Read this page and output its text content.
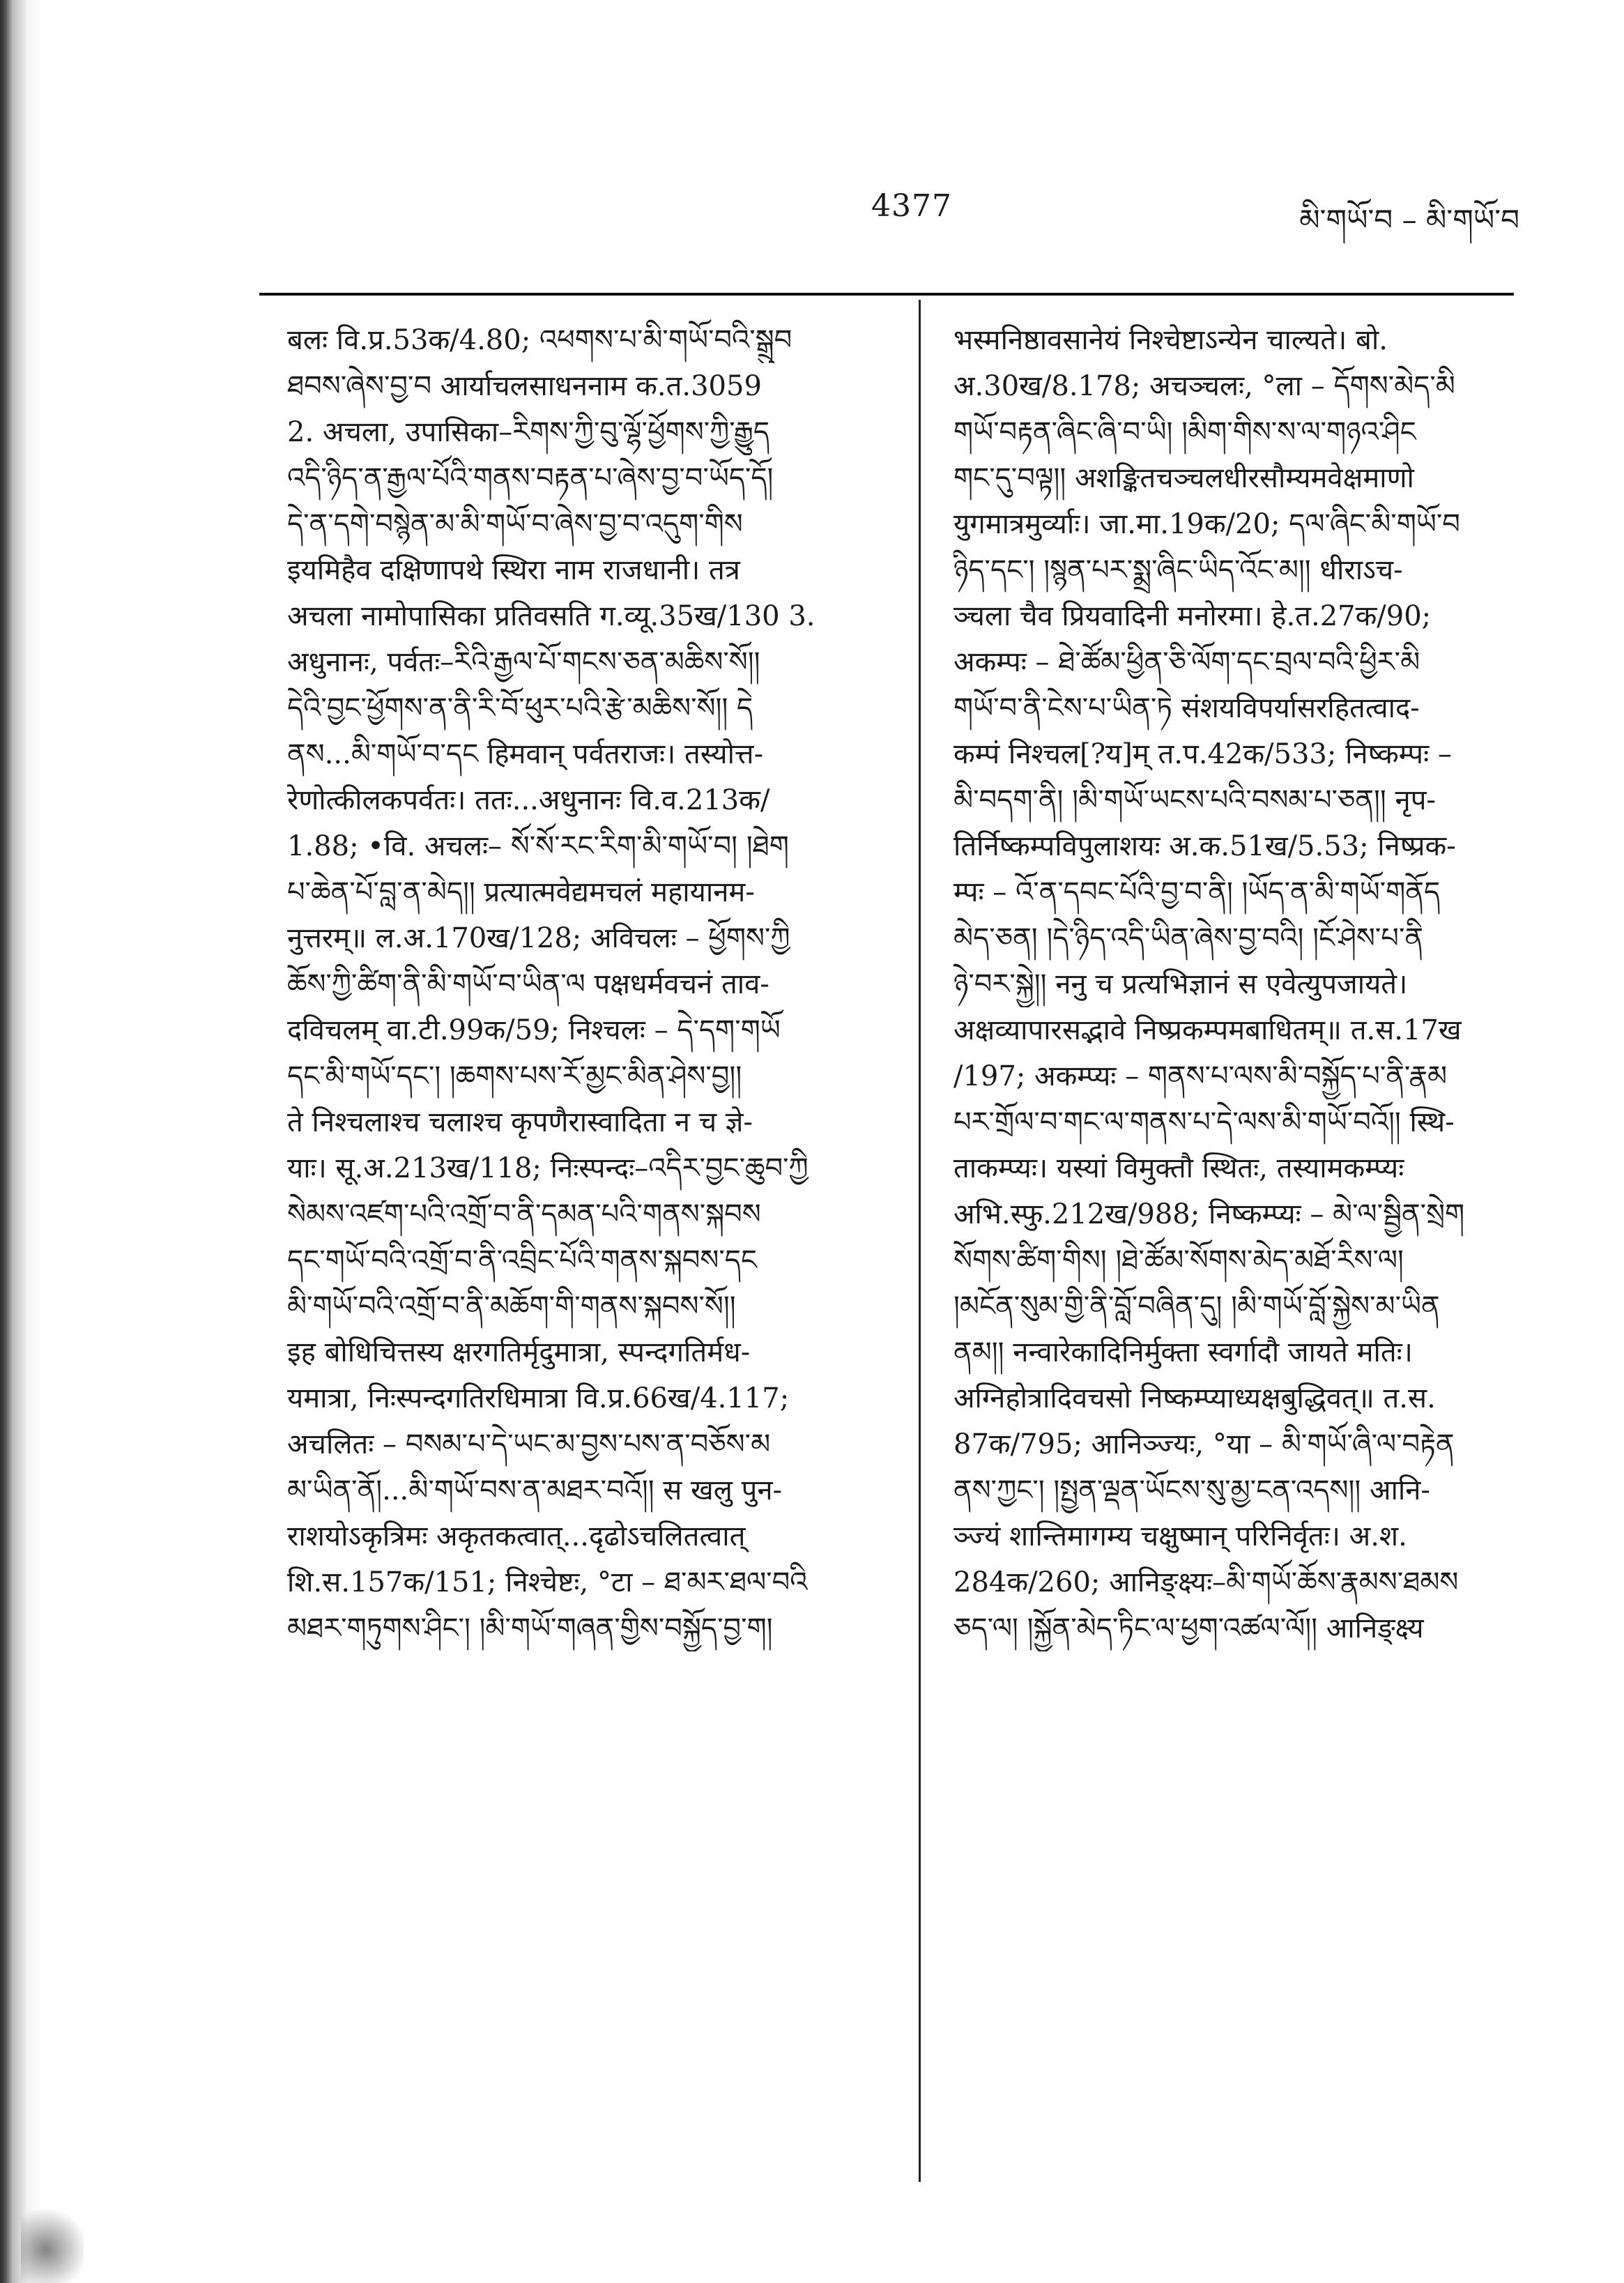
4377	མི་གཡོ་བ – མི་གཡོ་བ
बलः वि.प्र.53क/4.80; འཕགས་པ་མི་གཡོ་བའི་སྒྲུབ
ཐབས་ཞེས་བྱ་བ आर्याचलसाधननाम क.त.3059
2. अचला, उपासिका–རིགས་ཀྱི་བུ་ལྷོ་ཕྱོགས་ཀྱི་རྒྱུད
འདི་ཉིད་ན་རྒྱལ་པོའི་གནས་བརྟན་པ་ཞེས་བྱ་བ་ཡོད་དོ།
དེ་ན་དགེ་བསྙེན་མ་མི་གཡོ་བ་ཞེས་བྱ་བ་འདུག་གིས
इयमिहैव दक्षिणापथे स्थिरा नाम राजधानी। तत्र
अचला नामोपासिका प्रतिवसति ग.व्यू.35ख/130 3.
अधुनानः, पर्वतः–རིའི་རྒྱལ་པོ་གངས་ཅན་མཆིས་སོ།།
དེའི་བྱང་ཕྱོགས་ན་ནི་རི་བོ་ཕུར་པའི་རྩེ་མཆིས་སོ།། དེ
ནས...མི་གཡོ་བ་དང हिमवान् पर्वतराजः। तस्योत्त-
रेणोत्कीलकपर्वतः। ततः...अधुनानः वि.व.213क/
1.88; •वि. अचलः– སོ་སོ་རང་རིག་མི་གཡོ་བ། །ཐེག
པ་ཆེན་པོ་བླ་ན་མེད།། प्रत्यात्मवेद्यमचलं महायानम-
नुत्तरम्॥ ल.अ.170ख/128; अविचलः – ཕྱོགས་ཀྱི
ཆོས་ཀྱི་ཚིག་ནི་མི་གཡོ་བ་ཡིན་ལ पक्षधर्मवचनं ताव-
दविचलम् वा.टी.99क/59; निश्चलः – དེ་དག་གཡོ
དང་མི་གཡོ་དང་། །ཆགས་པས་རོ་མྱང་མིན་ཤེས་བྱ།།
ते निश्चलाश्च चलाश्च कृपणैरास्वादिता न च ज्ञे-
याः। सू.अ.213ख/118; निःस्पन्दः–འདིར་བྱང་ཆུབ་ཀྱི
སེམས་འཛག་པའི་འགྲོ་བ་ནི་དམན་པའི་གནས་སྐབས
དང་གཡོ་བའི་འགྲོ་བ་ནི་འབྲིང་པོའི་གནས་སྐབས་དང
མི་གཡོ་བའི་འགྲོ་བ་ནི་མཆོག་གི་གནས་སྐབས་སོ།།
इह बोधिचित्तस्य क्षरगतिर्मृदुमात्रा, स्पन्दगतिर्मध-
यमात्रा, निःस्पन्दगतिरधिमात्रा वि.प्र.66ख/4.117;
अचलितः – བསམ་པ་དེ་ཡང་མ་བྱས་པས་ན་བཅོས་མ
མ་ཡིན་ནོ།...མི་གཡོ་བས་ན་མཐར་བའོ།། स खलु पुन-
राशयोऽकृत्रिमः अकृतकत्वात्...दृढोऽचलितत्वात्
शि.स.157क/151; निश्चेष्टः, °टा – ཐ་མར་ཐལ་བའི
མཐར་གཏུགས་ཤིང་། །མི་གཡོ་གཞན་གྱིས་བསྐྱོད་བྱ་ག།
भस्मनिष्ठावसानेयं निश्चेष्टाऽन्येन चाल्यते। बो.
अ.30ख/8.178; अचञ्चलः, °ला – དོགས་མེད་མི
གཡོ་བརྟན་ཞིང་ཞི་བ་ཡི། །མིག་གིས་ས་ལ་གཉའ་ཤིང
གང་དུ་བལྟ།། अशङ्कितचञ्चलधीरसौम्यमवेक्षमाणो
युगमात्रमुर्व्याः। जा.मा.19क/20; དལ་ཞིང་མི་གཡོ་བ
ཉིད་དང་། །སྙན་པར་སྨྲ་ཞིང་ཡིད་འོང་མ།། धीराऽच-
ञ्चला चैव प्रियवादिनी मनोरमा। हे.त.27क/90;
अकम्पः – ཐེ་ཚོམ་ཕྱིན་ཅི་ལོག་དང་བྲལ་བའི་ཕྱིར་མི
གཡོ་བ་ནི་ངེས་པ་ཡིན་ཏེ संशयविपर्यासरहितत्वाद-
कम्पं निश्चल[?य]म् त.प.42क/533; निष्कम्पः –
མི་བདག་ནི། །མི་གཡོ་ཡངས་པའི་བསམ་པ་ཅན།། नृप-
तिर्निष्कम्पविपुलाशयः अ.क.51ख/5.53; निष्प्रक-
म्पः – འོ་ན་དབང་པོའི་བྱ་བ་ནི། །ཡོད་ན་མི་གཡོ་གནོད
མེད་ཅན། །དེ་ཉིད་འདི་ཡིན་ཞེས་བྱ་བའི། །ངོ་ཤེས་པ་ནི
ཉེ་བར་སྐྱེ།། ननु च प्रत्यभिज्ञानं स एवेत्युपजायते।
अक्षव्यापारसद्भावे निष्प्रकम्पमबाधितम्॥ त.स.17ख
/197; अकम्प्यः – གནས་པ་ལས་མི་བསྐྱོད་པ་ནི་རྣམ
པར་གྲོལ་བ་གང་ལ་གནས་པ་དེ་ལས་མི་གཡོ་བའོ།། स्थि-
ताकम्प्यः। यस्यां विमुक्तौ स्थितः, तस्यामकम्प्यः
अभि.स्फु.212ख/988; निष्कम्प्यः – མེ་ལ་སྦྱིན་སྲེག
སོགས་ཚིག་གིས། །ཐེ་ཚོམ་སོགས་མེད་མཐོ་རིས་ལ།
།མངོན་སུམ་གྱི་ནི་བློ་བཞིན་དུ། །མི་གཡོ་བློ་སྐྱེས་མ་ཡིན
ནམ།། नन्वारेकादिनिर्मुक्ता स्वर्गादौ जायते मतिः।
अग्निहोत्रादिवचसो निष्कम्प्याध्यक्षबुद्धिवत्॥ त.स.
87क/795; आनिञ्ज्यः, °या – མི་གཡོ་ཞི་ལ་བརྟེན
ནས་ཀྱང་། །སྤྱན་ལྡན་ཡོངས་སུ་མྱ་ངན་འདས།། आनि-
ञ्ज्यं शान्तिमागम्य चक्षुष्मान् परिनिर्वृतः। अ.श.
284क/260; आनिङ्क्ष्यः–མི་གཡོ་ཆོས་རྣམས་ཐམས
ཅད་ལ། །སྐྱོན་མེད་ཏིང་ལ་ཕྱག་འཚལ་ལོ།། आनिङ्क्ष्य
